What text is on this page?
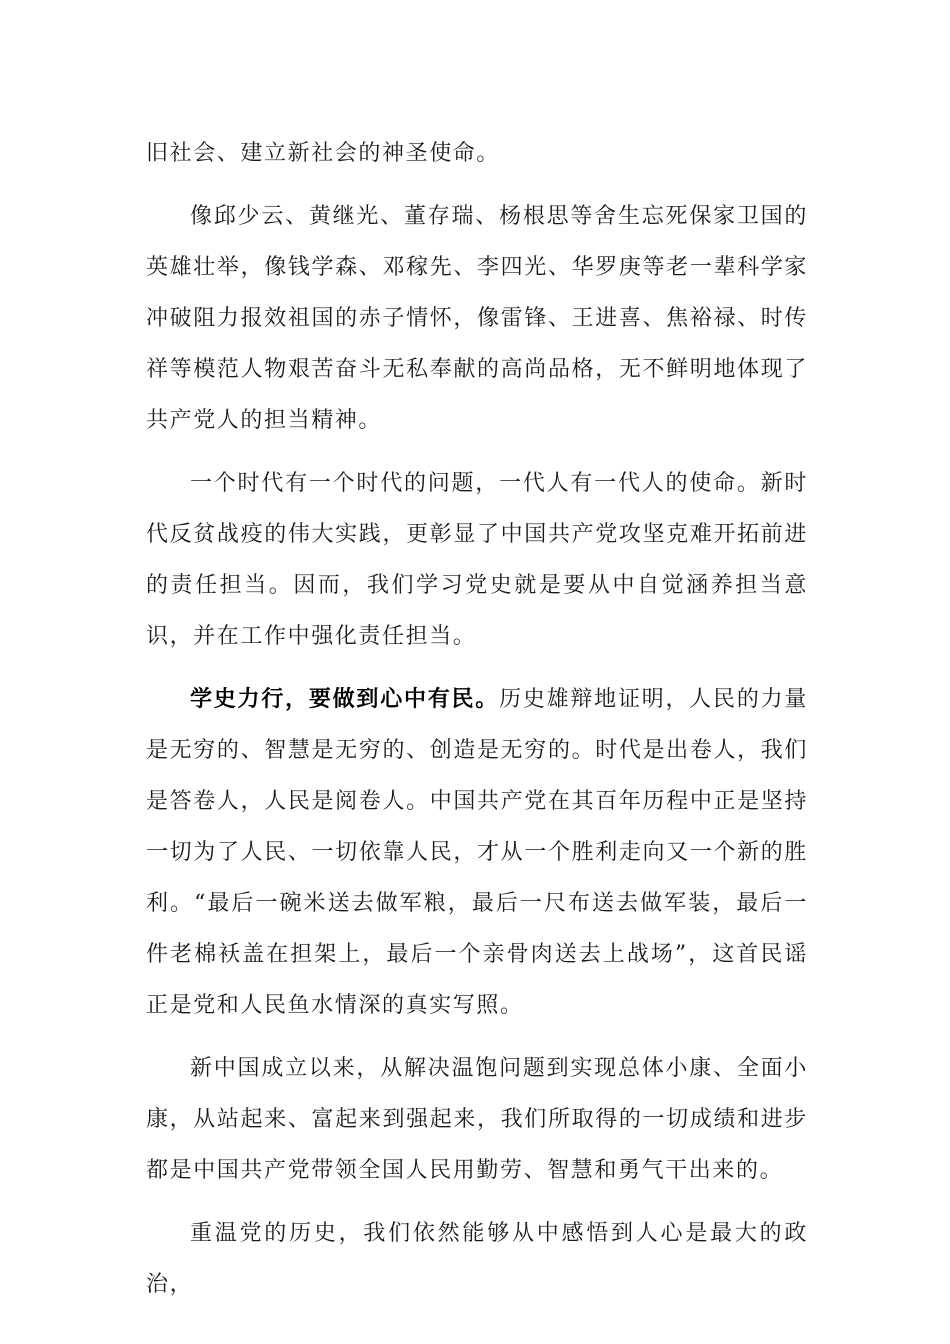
旧社会、建立新社会的神圣使命。

像邱少云、黄继光、董存瑞、杨根思等舍生忘死保家卫国的英雄壮举，像钱学森、邓稼先、李四光、华罗庚等老一辈科学家冲破阻力报效祖国的赤子情怀，像雷锋、王进喜、焦裕禄、时传祥等模范人物艰苦奋斗无私奉献的高尚品格，无不鲜明地体现了共产党人的担当精神。

一个时代有一个时代的问题，一代人有一代人的使命。新时代反贫战疫的伟大实践，更彰显了中国共产党攻坚克难开拓前进的责任担当。因而，我们学习党史就是要从中自觉涵养担当意识，并在工作中强化责任担当。

学史力行，要做到心中有民。历史雄辩地证明，人民的力量是无穷的、智慧是无穷的、创造是无穷的。时代是出卷人，我们是答卷人，人民是阅卷人。中国共产党在其百年历程中正是坚持一切为了人民、一切依靠人民，才从一个胜利走向又一个新的胜利。“最后一碗米送去做军粮，最后一尺布送去做军装，最后一件老棉袄盖在担架上，最后一个亲骨肉送去上战场”，这首民谣正是党和人民鱼水情深的真实写照。

新中国成立以来，从解决温饱问题到实现总体小康、全面小康，从站起来、富起来到强起来，我们所取得的一切成绩和进步都是中国共产党带领全国人民用勤劳、智慧和勇气干出来的。

重温党的历史，我们依然能够从中感悟到人心是最大的政治，
